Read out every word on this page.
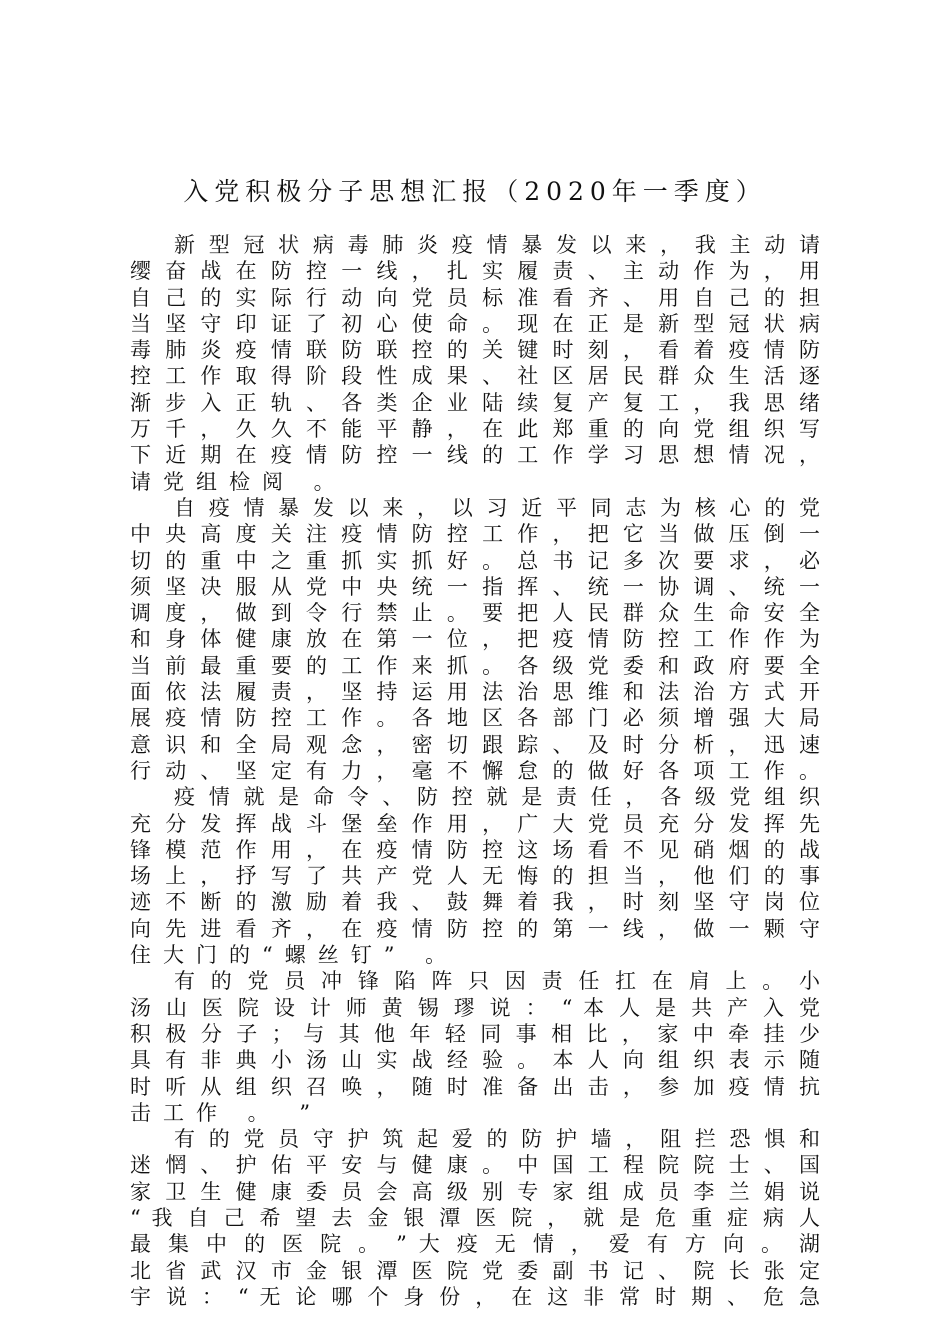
入党积极分子思想汇报（2020年一季度）
新 型 冠 状 病 毒 肺 炎 疫 情 暴 发 以 来 ， 我 主 动 请
缨 奋 战 在 防 控 一 线 ， 扎 实 履 责 、 主 动 作 为 ， 用
自 己 的 实 际 行 动 向 党 员 标 准 看 齐 、 用 自 己 的 担
当 坚 守 印 证 了 初 心 使 命 。 现 在 正 是 新 型 冠 状 病
毒 肺 炎 疫 情 联 防 联 控 的 关 键 时 刻 ， 看 着 疫 情 防
控 工 作 取 得 阶 段 性 成 果 、 社 区 居 民 群 众 生 活 逐
渐 步 入 正 轨 、 各 类 企 业 陆 续 复 产 复 工 ， 我 思 绪
万 千 ， 久 久 不 能 平 静 ， 在 此 郑 重 的 向 党 组 织 写
下 近 期 在 疫 情 防 控 一 线 的 工 作 学 习 思 想 情 况 ，
请党组检阅 。
自 疫 情 暴 发 以 来 ， 以 习 近 平 同 志 为 核 心 的 党
中 央 高 度 关 注 疫 情 防 控 工 作 ， 把 它 当 做 压 倒 一
切 的 重 中 之 重 抓 实 抓 好 。 总 书 记 多 次 要 求 ， 必
须 坚 决 服 从 党 中 央 统 一 指 挥 、 统 一 协 调 、 统 一
调 度 ， 做 到 令 行 禁 止 。 要 把 人 民 群 众 生 命 安 全
和 身 体 健 康 放 在 第 一 位 ， 把 疫 情 防 控 工 作 作 为
当 前 最 重 要 的 工 作 来 抓 。 各 级 党 委 和 政 府 要 全
面 依 法 履 责 ， 坚 持 运 用 法 治 思 维 和 法 治 方 式 开
展 疫 情 防 控 工 作 。 各 地 区 各 部 门 必 须 增 强 大 局
意 识 和 全 局 观 念 ， 密 切 跟 踪 、 及 时 分 析 ， 迅 速
行 动 、 坚 定 有 力 ， 毫 不 懈 怠 的 做 好 各 项 工 作 。
疫 情 就 是 命 令 、 防 控 就 是 责 任 ， 各 级 党 组 织
充 分 发 挥 战 斗 堡 垒 作 用 ， 广 大 党 员 充 分 发 挥 先
锋 模 范 作 用 ， 在 疫 情 防 控 这 场 看 不 见 硝 烟 的 战
场 上 ， 抒 写 了 共 产 党 人 无 悔 的 担 当 ， 他 们 的 事
迹 不 断 的 激 励 着 我 、 鼓 舞 着 我 ， 时 刻 坚 守 岗 位
向 先 进 看 齐 ， 在 疫 情 防 控 的 第 一 线 ， 做 一 颗 守
住大门的“螺丝钉” 。
有 的 党 员 冲 锋 陷 阵 只 因 责 任 扛 在 肩 上 。 小
汤 山 医 院 设 计 师 黄 锡 璆 说 ： “ 本 人 是 共 产 入 党
积 极 分 子 ； 与 其 他 年 轻 同 事 相 比 ， 家 中 牵 挂 少
具 有 非 典 小 汤 山 实 战 经 验 。 本 人 向 组 织 表 示 随
时 听 从 组 织 召 唤 ， 随 时 准 备 出 击 ， 参 加 疫 情 抗
击工作 。 ”
有 的 党 员 守 护 筑 起 爱 的 防 护 墙 ， 阻 拦 恐 惧 和
迷 惘 、 护 佑 平 安 与 健 康 。 中 国 工 程 院 院 士 、 国
家 卫 生 健 康 委 员 会 高 级 别 专 家 组 成 员 李 兰 娟 说
“ 我 自 己 希 望 去 金 银 潭 医 院 ， 就 是 危 重 症 病 人
最 集 中 的 医 院 。 ” 大 疫 无 情 ， 爱 有 方 向 。 湖
北 省 武 汉 市 金 银 潭 医 院 党 委 副 书 记 、 院 长 张 定
宇 说 ： “ 无 论 哪 个 身 份 ， 在 这 非 常 时 期 、 危 急
